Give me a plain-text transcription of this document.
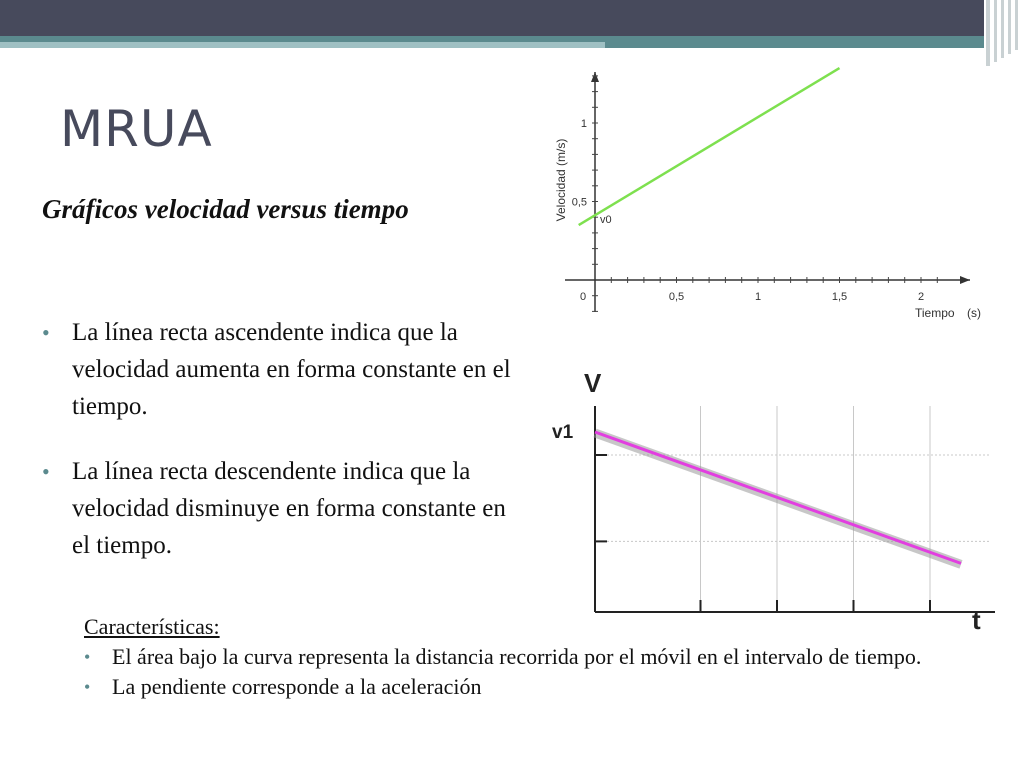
MRUA
Gráficos velocidad versus tiempo
• La línea recta ascendente indica que la velocidad aumenta en forma constante en el tiempo.
• La línea recta descendente indica que la velocidad disminuye en forma constante en el tiempo.
0	0,5	1	1,5	2
0,5
1
Velocidad (m/s)
Tiempo (s)
v0
V
v1
t
Características:
• El área bajo la curva representa la distancia recorrida por el móvil en el intervalo de tiempo.
• La pendiente corresponde a la aceleración
